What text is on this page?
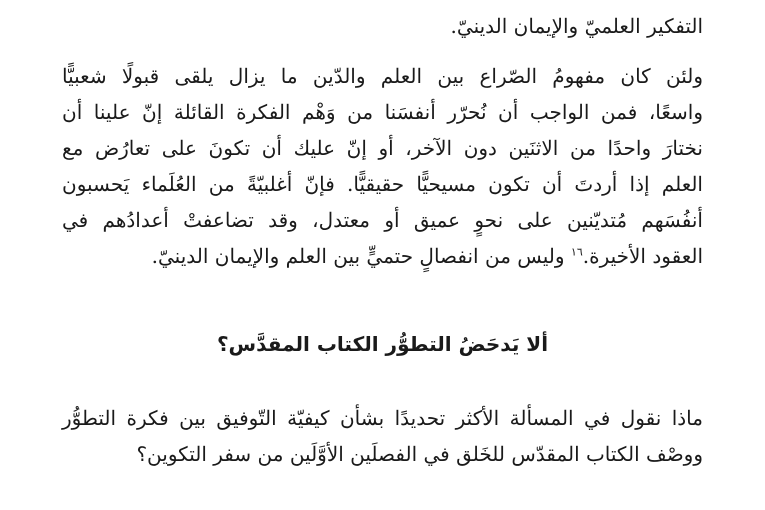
التفكير العلميّ والإيمان الدينيّ.
ولئن كان مفهومُ الصّراع بين العلم والدّين ما يزال يلقى قبولًا شعبيًّا
واسعًا، فمن الواجب أن نُحرّر أنفسَنا من وَهْم الفكرة القائلة إنّ علينا أن
نختارَ واحدًا من الاثنَين دون الآخر، أو إنّ عليك أن تكونَ على تعارُض مع
العلم إذا أردتَ أن تكون مسيحيًّا حقيقيًّا. فإنّ أغلبيّةً من العُلَماء يَحسبون
أنفُسَهم مُتديّنين على نحوٍ عميق أو معتدل، وقد تضاعفتْ أعدادُهم في
العقود الأخيرة.$^{١٦}$ وليس من انفصالٍ حتميٍّ بين العلم والإيمان الدينيّ.
ألا يَدحَضُ التطوُّر الكتاب المقدَّس؟
ماذا نقول في المسألة الأكثر تحديدًا بشأن كيفيّة التّوفيق بين فكرة التطوُّر
ووصْف الكتاب المقدّس للخَلق في الفصلَين الأوَّلَين من سفر التكوين؟
